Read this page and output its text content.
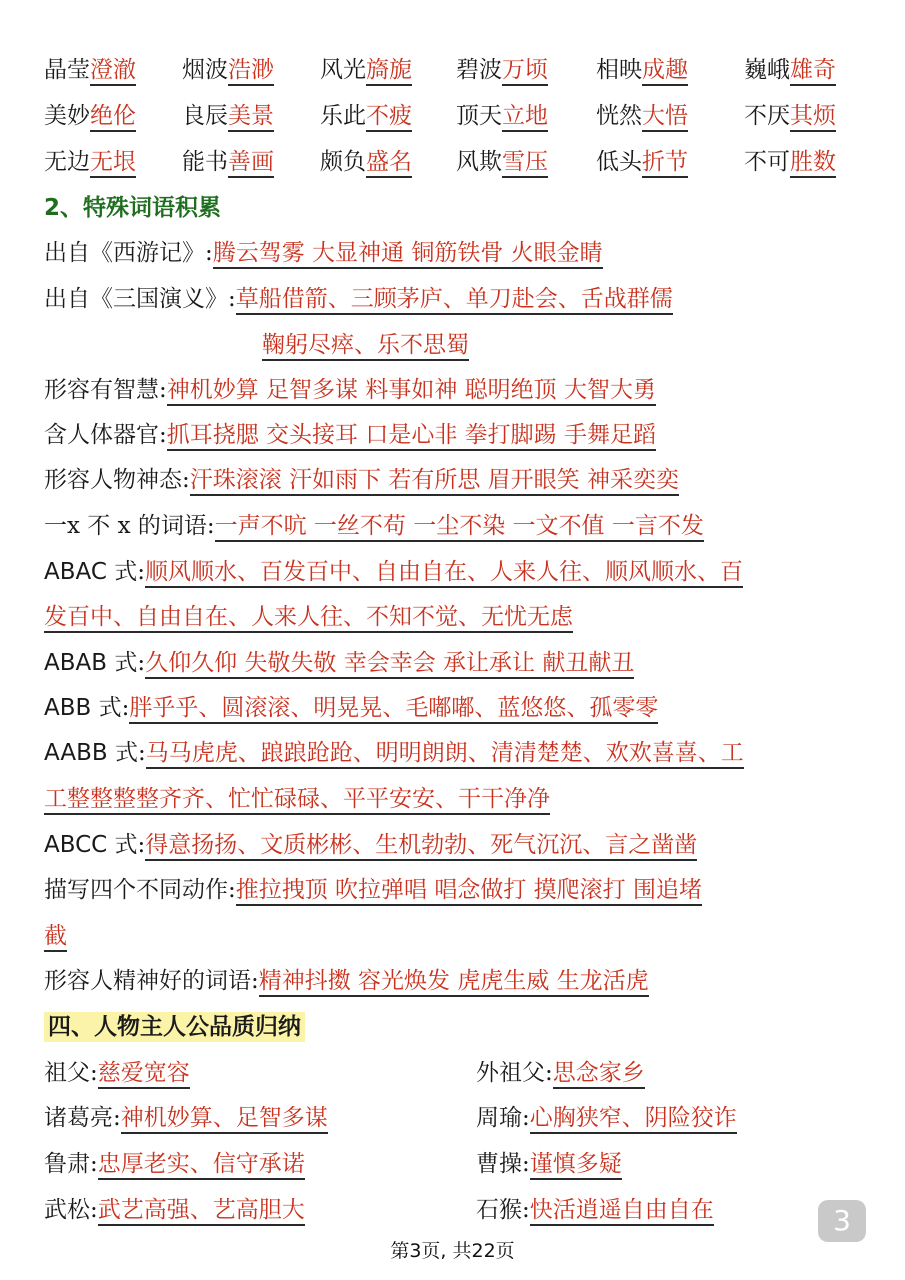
晶莹澄澈 烟波浩渺 风光旖旎 碧波万顷 相映成趣 巍峨雄奇
美妙绝伦 良辰美景 乐此不疲 顶天立地 恍然大悟 不厌其烦
无边无垠 能书善画 颇负盛名 风欺雪压 低头折节 不可胜数
2、特殊词语积累
出自《西游记》:腾云驾雾 大显神通 铜筋铁骨 火眼金睛
出自《三国演义》:草船借箭、三顾茅庐、单刀赴会、舌战群儒
鞠躬尽瘁、乐不思蜀
形容有智慧:神机妙算 足智多谋 料事如神 聪明绝顶 大智大勇
含人体器官:抓耳挠腮 交头接耳 口是心非 拳打脚踢 手舞足蹈
形容人物神态:汗珠滚滚 汗如雨下 若有所思 眉开眼笑 神采奕奕
一x 不 x 的词语:一声不吭 一丝不苟 一尘不染 一文不值 一言不发
ABAC 式:顺风顺水、百发百中、自由自在、人来人往、顺风顺水、百
发百中、自由自在、人来人往、不知不觉、无忧无虑
ABAB 式:久仰久仰 失敬失敬 幸会幸会 承让承让 献丑献丑
ABB 式:胖乎乎、圆滚滚、明晃晃、毛嘟嘟、蓝悠悠、孤零零
AABB 式:马马虎虎、踉踉跄跄、明明朗朗、清清楚楚、欢欢喜喜、工
工整整整整齐齐、忙忙碌碌、平平安安、干干净净
ABCC 式:得意扬扬、文质彬彬、生机勃勃、死气沉沉、言之凿凿
描写四个不同动作:推拉拽顶 吹拉弹唱 唱念做打 摸爬滚打 围追堵
截
形容人精神好的词语:精神抖擞 容光焕发 虎虎生威 生龙活虎
四、人物主人公品质归纳
祖父:慈爱宽容	外祖父:思念家乡
诸葛亮:神机妙算、足智多谋	周瑜:心胸狭窄、阴险狡诈
鲁肃:忠厚老实、信守承诺	曹操:谨慎多疑
武松:武艺高强、艺高胆大	石猴:快活逍遥自由自在	3
第3页, 共22页
